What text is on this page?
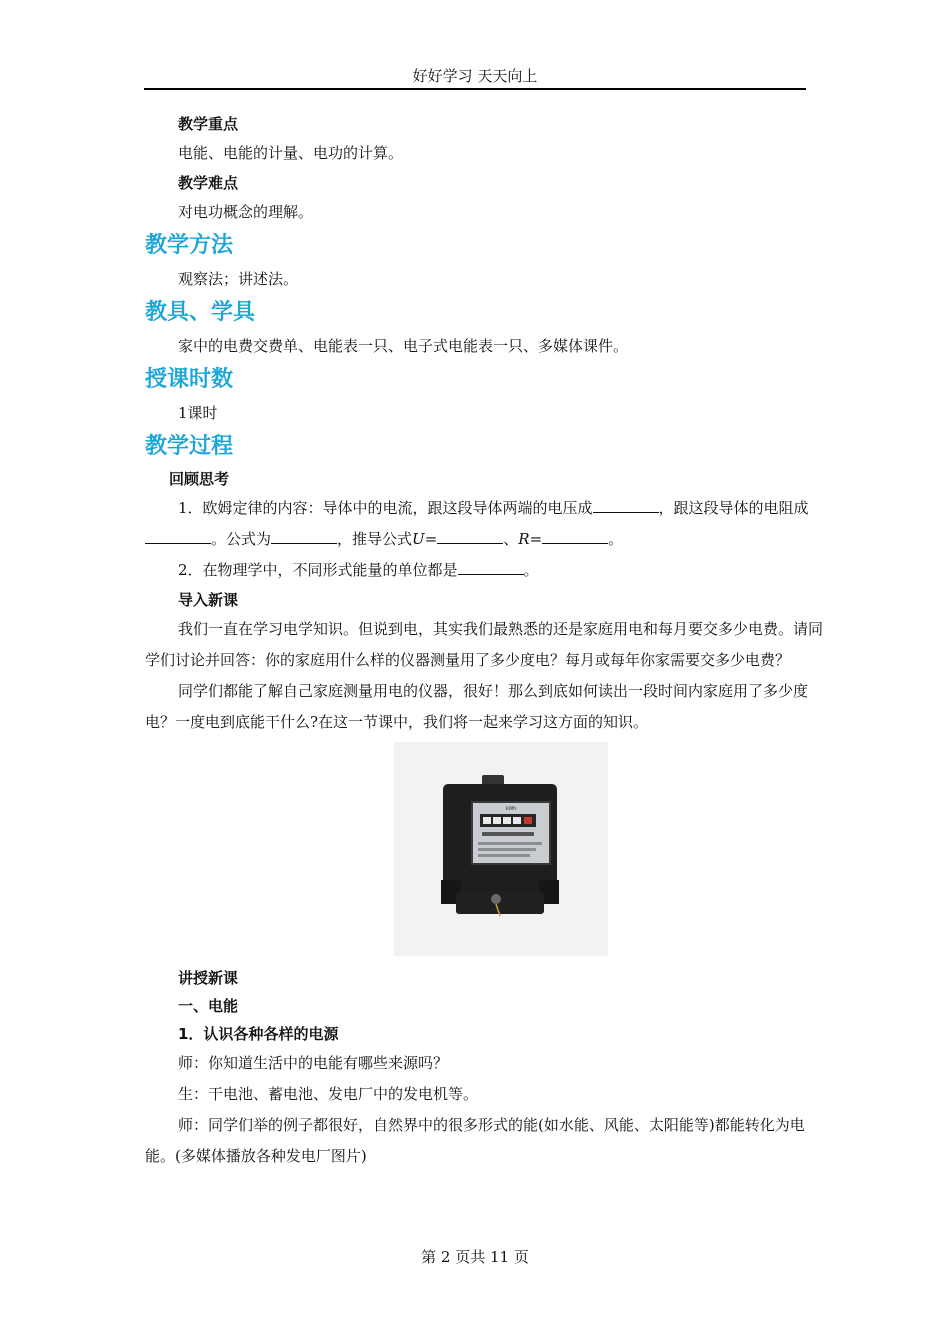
好好学习 天天向上

教学重点

电能、电能的计量、电功的计算。

教学难点

对电功概念的理解。

教学方法

观察法；讲述法。

教具、学具

家中的电费交费单、电能表一只、电子式电能表一只、多媒体课件。

授课时数

1课时

教学过程

回顾思考

1．欧姆定律的内容：导体中的电流，跟这段导体两端的电压成	，跟这段导体的电阻成。公式为	，推导公式U=	、R=	。

2．在物理学中，不同形式能量的单位都是	。

导入新课

我们一直在学习电学知识。但说到电，其实我们最熟悉的还是家庭用电和每月要交多少电费。请同学们讨论并回答：你的家庭用什么样的仪器测量用了多少度电？每月或每年你家需要交多少电费？

同学们都能了解自己家庭测量用电的仪器，很好！那么到底如何读出一段时间内家庭用了多少度电？一度电到底能干什么?在这一节课中，我们将一起来学习这方面的知识。

kWh

讲授新课

一、电能

1．认识各种各样的电源

师：你知道生活中的电能有哪些来源吗？

生：干电池、蓄电池、发电厂中的发电机等。

师：同学们举的例子都很好，自然界中的很多形式的能(如水能、风能、太阳能等)都能转化为电能。(多媒体播放各种发电厂图片)

第 2 页共 11 页
